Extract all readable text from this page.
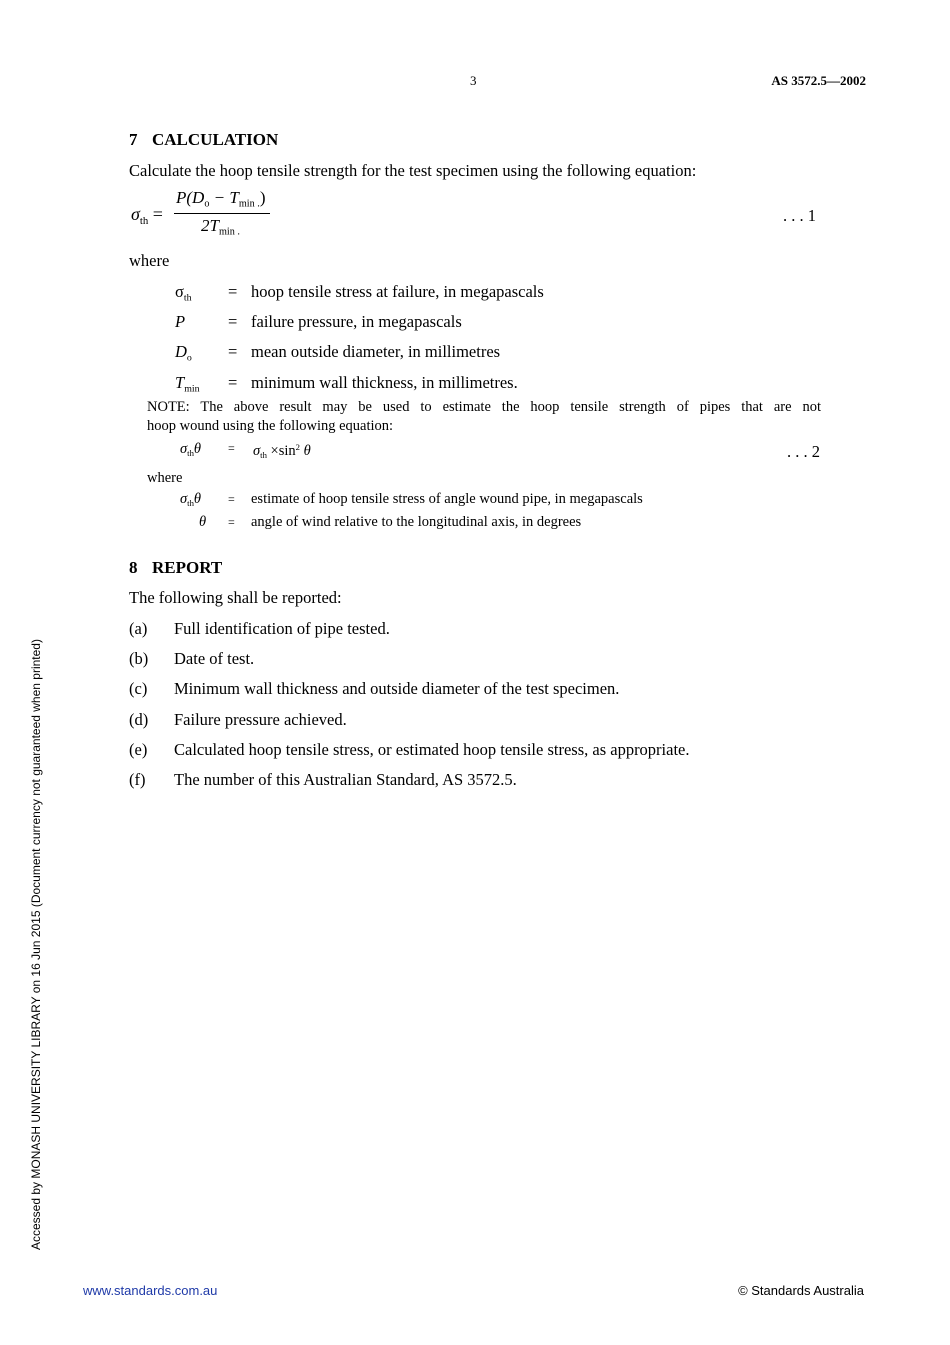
3	AS 3572.5—2002
7 CALCULATION
Calculate the hoop tensile strength for the test specimen using the following equation:
$\sigma_{th}$ =
$P(D_o - T_{min .})$
$2T_{min .}$
. . . 1
where
$\sigma_{th}$ = hoop tensile stress at failure, in megapascals
P	= failure pressure, in megapascals
$D_o$ = mean outside diameter, in millimetres
$T_{min}$ = minimum wall thickness, in millimetres.
NOTE: The above result may be used to estimate the hoop tensile strength of pipes that are not
hoop wound using the following equation:
$\sigma_{th}\theta = \sigma_{th} \times\sin^2$ θ	. . . 2
where
$\sigma_{th}\theta$ = estimate of hoop tensile stress of angle wound pipe, in megapascals
θ = angle of wind relative to the longitudinal axis, in degrees
8 REPORT
The following shall be reported:
(a) Full identification of pipe tested.
(b) Date of test.
(c) Minimum wall thickness and outside diameter of the test specimen.
(d) Failure pressure achieved.
(e) Calculated hoop tensile stress, or estimated hoop tensile stress, as appropriate.
(f) The number of this Australian Standard, AS 3572.5.
Accessed by MONASH UNIVERSITY LIBRARY on 16 Jun 2015 (Document currency not guaranteed when printed)
www.standards.com.au	© Standards Australia
